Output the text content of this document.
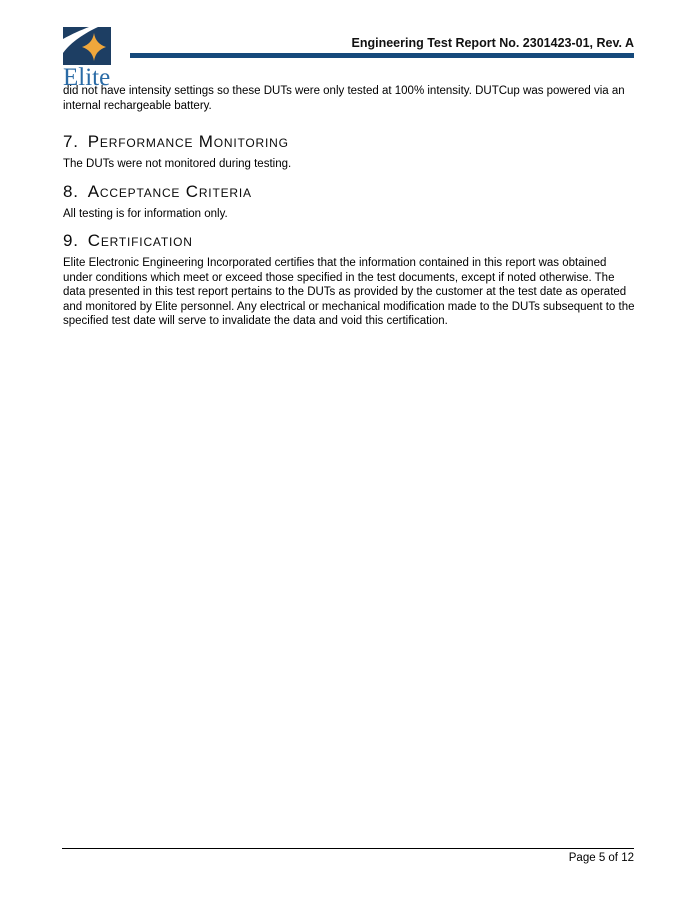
Elite
Engineering Test Report No. 2301423-01, Rev. A

did not have intensity settings so these DUTs were only tested at 100% intensity. DUTCup was powered via an internal rechargeable battery.

7. Performance Monitoring

The DUTs were not monitored during testing.

8. Acceptance Criteria

All testing is for information only.

9. Certification

Elite Electronic Engineering Incorporated certifies that the information contained in this report was obtained under conditions which meet or exceed those specified in the test documents, except if noted otherwise. The data presented in this test report pertains to the DUTs as provided by the customer at the test date as operated and monitored by Elite personnel. Any electrical or mechanical modification made to the DUTs subsequent to the specified test date will serve to invalidate the data and void this certification.

Page 5 of 12
